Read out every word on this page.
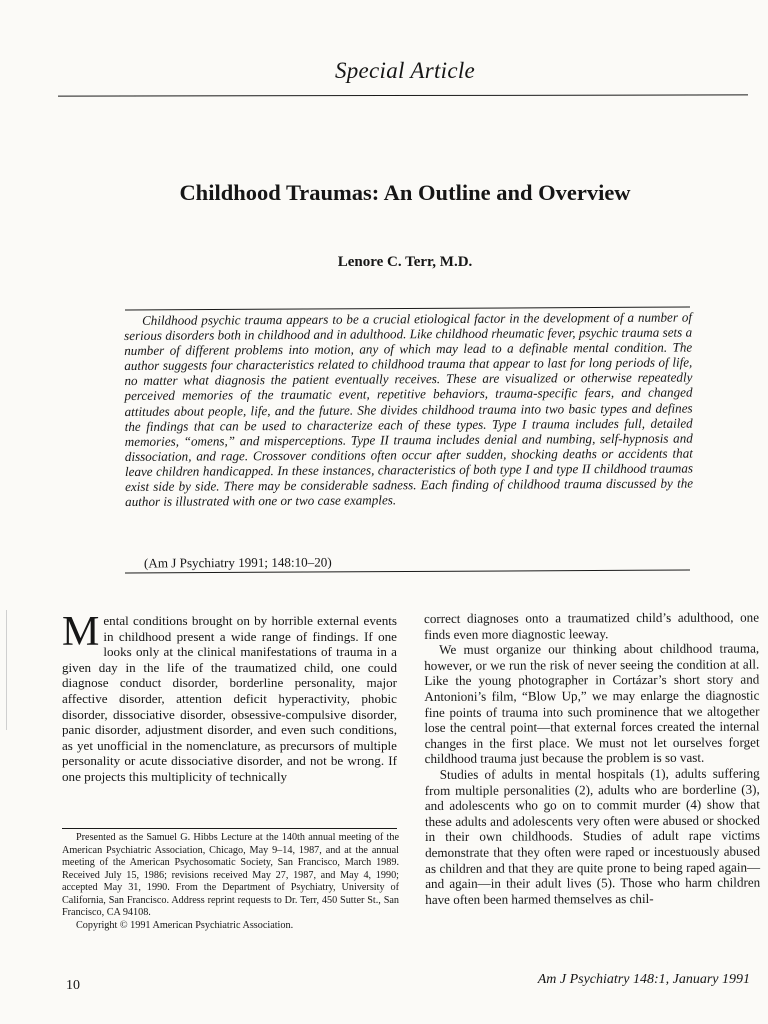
Special Article
Childhood Traumas: An Outline and Overview
Lenore C. Terr, M.D.
Childhood psychic trauma appears to be a crucial etiological factor in the development of a number of serious disorders both in childhood and in adulthood. Like childhood rheumatic fever, psychic trauma sets a number of different problems into motion, any of which may lead to a definable mental condition. The author suggests four characteristics related to childhood trauma that appear to last for long periods of life, no matter what diagnosis the patient eventually receives. These are visualized or otherwise repeatedly perceived memories of the traumatic event, repetitive behaviors, trauma-specific fears, and changed attitudes about people, life, and the future. She divides childhood trauma into two basic types and defines the findings that can be used to characterize each of these types. Type I trauma includes full, detailed memories, “omens,” and misperceptions. Type II trauma includes denial and numbing, self-hypnosis and dissociation, and rage. Crossover conditions often occur after sudden, shocking deaths or accidents that leave children handicapped. In these instances, characteristics of both type I and type II childhood traumas exist side by side. There may be considerable sadness. Each finding of childhood trauma discussed by the author is illustrated with one or two case examples.
(Am J Psychiatry 1991; 148:10–20)
M ental conditions brought on by horrible external events in childhood present a wide range of findings. If one looks only at the clinical manifestations of trauma in a given day in the life of the traumatized child, one could diagnose conduct disorder, borderline personality, major affective disorder, attention deficit hyperactivity, phobic disorder, dissociative disorder, obsessive-compulsive disorder, panic disorder, adjustment disorder, and even such conditions, as yet unofficial in the nomenclature, as precursors of multiple personality or acute dissociative disorder, and not be wrong. If one projects this multiplicity of technically

correct diagnoses onto a traumatized child’s adulthood, one finds even more diagnostic leeway.

We must organize our thinking about childhood trauma, however, or we run the risk of never seeing the condition at all. Like the young photographer in Cortázar’s short story and Antonioni’s film, “Blow Up,” we may enlarge the diagnostic fine points of trauma into such prominence that we altogether lose the central point—that external forces created the internal changes in the first place. We must not let ourselves forget childhood trauma just because the problem is so vast.

Studies of adults in mental hospitals (1), adults suffering from multiple personalities (2), adults who are borderline (3), and adolescents who go on to commit murder (4) show that these adults and adolescents very often were abused or shocked in their own childhoods. Studies of adult rape victims demonstrate that they often were raped or incestuously abused as children and that they are quite prone to being raped again—and again—in their adult lives (5). Those who harm children have often been harmed themselves as chil-

Presented as the Samuel G. Hibbs Lecture at the 140th annual meeting of the American Psychiatric Association, Chicago, May 9–14, 1987, and at the annual meeting of the American Psychosomatic Society, San Francisco, March 1989. Received July 15, 1986; revisions received May 27, 1987, and May 4, 1990; accepted May 31, 1990. From the Department of Psychiatry, University of California, San Francisco. Address reprint requests to Dr. Terr, 450 Sutter St., San Francisco, CA 94108.
Copyright © 1991 American Psychiatric Association.
10	Am J Psychiatry 148:1, January 1991
